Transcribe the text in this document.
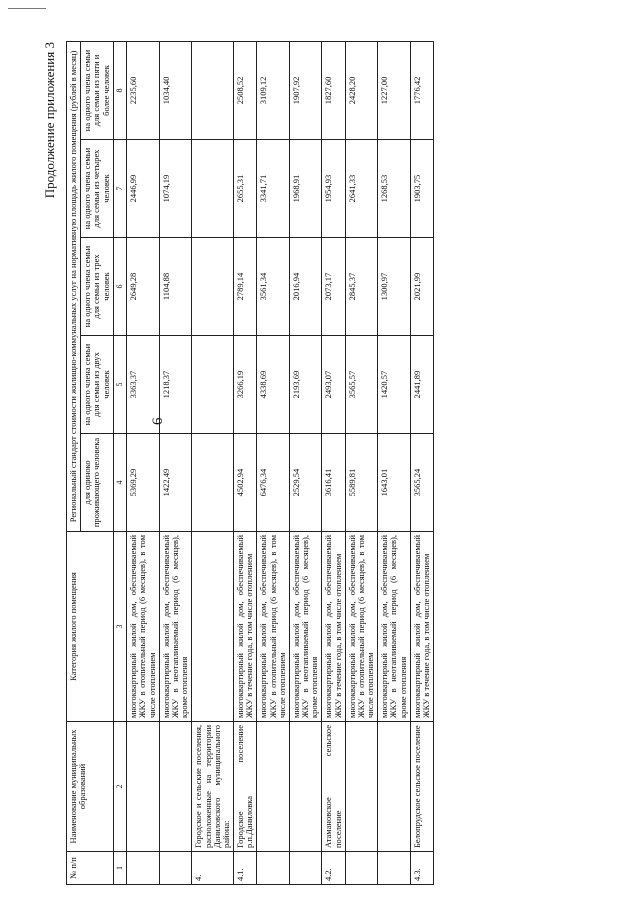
6
Продолжение приложения 3
№ п/п	Наименование муниципальных образований	Категория жилого помещения	Региональный стандарт стоимости жилищно-коммунальных услуг на нормативную площадь жилого помещения (рублей в месяц)				
			для одиноко проживающего человека	на одного члена семьи для семьи из двух человек	на одного члена семьи для семьи из трех человек	на одного члена семьи для семьи из четырех человек	на одного члена семьи для семьи из пяти и более человек
1	2	3	4	5	6	7	8
		многоквартирный жилой дом, обеспечиваемый ЖКУ в отопительный период (6 месяцев), в том числе отоплением	5369,29	3363,37	2649,28	2446,99	2235,60
		многоквартирный жилой дом, обеспечиваемый ЖКУ в неотапливаемый период (6 месяцев), кроме отопления	1422,49	1218,37	1104,88	1074,19	1034,40
4.	Городское и сельские поселения, расположенные на территории Даниловского муниципального района:						
4.1.	Городское поселение р.п.Даниловка	многоквартирный жилой дом, обеспечиваемый ЖКУ в течение года, в том числе отоплением	4502,94	3266,19	2789,14	2655,31	2508,52
		многоквартирный жилой дом, обеспечиваемый ЖКУ в отопительный период (6 месяцев), в том числе отоплением	6476,34	4338,69	3561,34	3341,71	3109,12
		многоквартирный жилой дом, обеспечиваемый ЖКУ в неотапливаемый период (6 месяцев), кроме отопления	2529,54	2193,69	2016,94	1968,91	1907,92
4.2.	Атамановское сельское поселение	многоквартирный жилой дом, обеспечиваемый ЖКУ в течение года, в том числе отоплением	3616,41	2493,07	2073,17	1954,93	1827,60
		многоквартирный жилой дом, обеспечиваемый ЖКУ в отопительный период (6 месяцев), в том числе отоплением	5589,81	3565,57	2845,37	2641,33	2428,20
		многоквартирный жилой дом, обеспечиваемый ЖКУ в неотапливаемый период (6 месяцев), кроме отопления	1643,01	1420,57	1300,97	1268,53	1227,00
4.3.	Белопрудское сельское поселение	многоквартирный жилой дом, обеспечиваемый ЖКУ в течение года, в том числе отоплением	3565,24	2441,89	2021,99	1903,75	1776,42
